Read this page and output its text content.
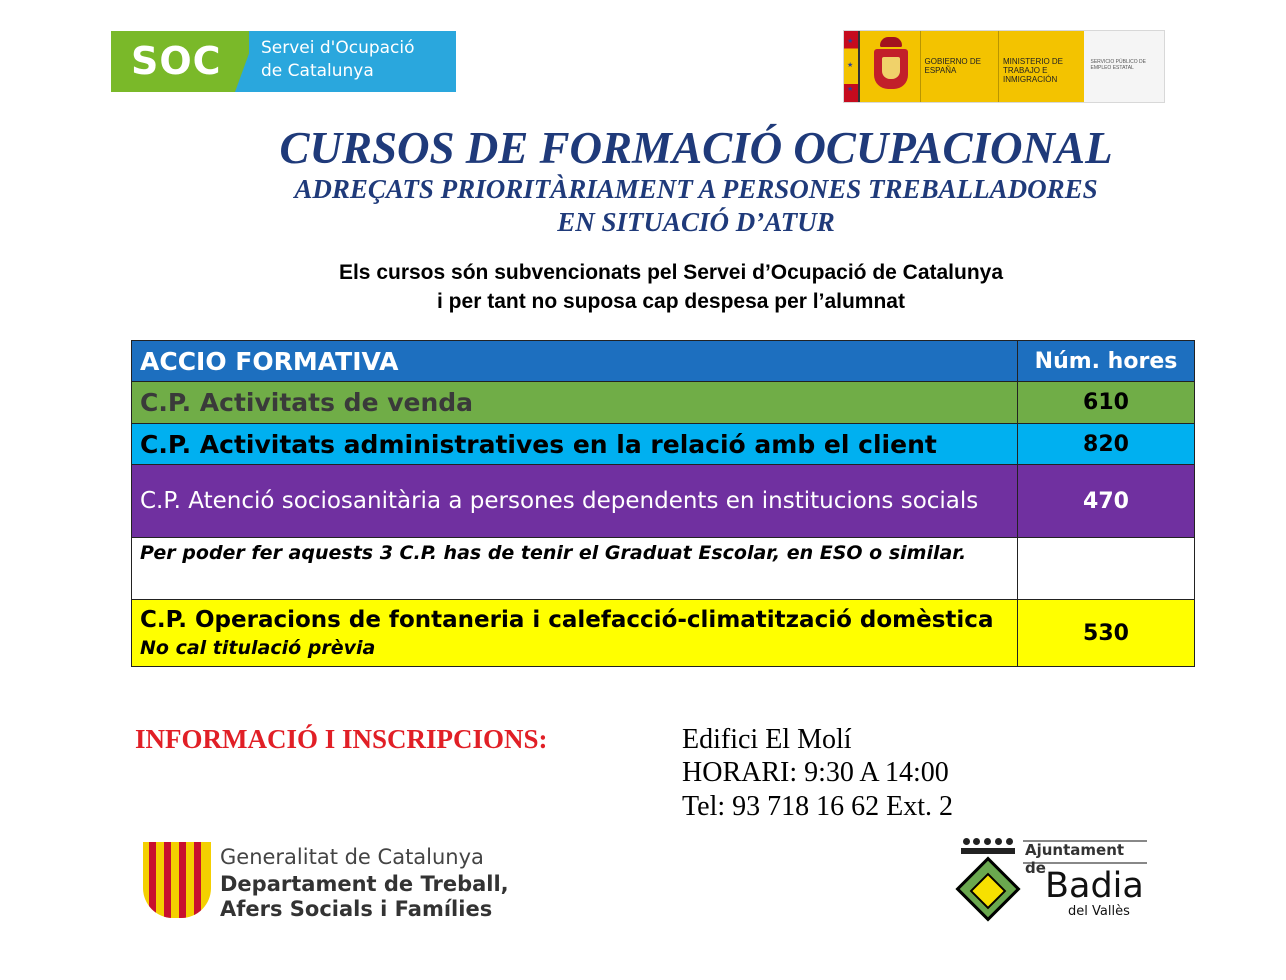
SOC Servei d'Ocupació
de Catalunya
★
★
★
GOBIERNO DE ESPAÑA
MINISTERIO DE TRABAJO E INMIGRACIÓN
SERVICIO PÚBLICO DE EMPLEO ESTATAL
CURSOS DE FORMACIÓ OCUPACIONAL
ADREÇATS PRIORITÀRIAMENT A PERSONES TREBALLADORES
EN SITUACIÓ D’ATUR
Els cursos són subvencionats pel Servei d’Ocupació de Catalunya
i per tant no suposa cap despesa per l’alumnat
ACCIO FORMATIVA	Núm. hores
C.P. Activitats de venda	610
C.P. Activitats administratives en la relació amb el client	820
C.P. Atenció sociosanitària a persones dependents en institucions socials	470
Per poder fer aquests 3 C.P. has de tenir el Graduat Escolar, en ESO o similar.	

C.P. Operacions de fontaneria i calefacció-climatització domèstica
No cal titulació prèvia	530
INFORMACIÓ I INSCRIPCIONS:	Edifici El Molí
HORARI: 9:30 A 14:00
Tel: 93 718 16 62 Ext. 2
Generalitat de Catalunya
Departament de Treball,
Afers Socials i Famílies
Ajuntament de Badia
del Vallès
